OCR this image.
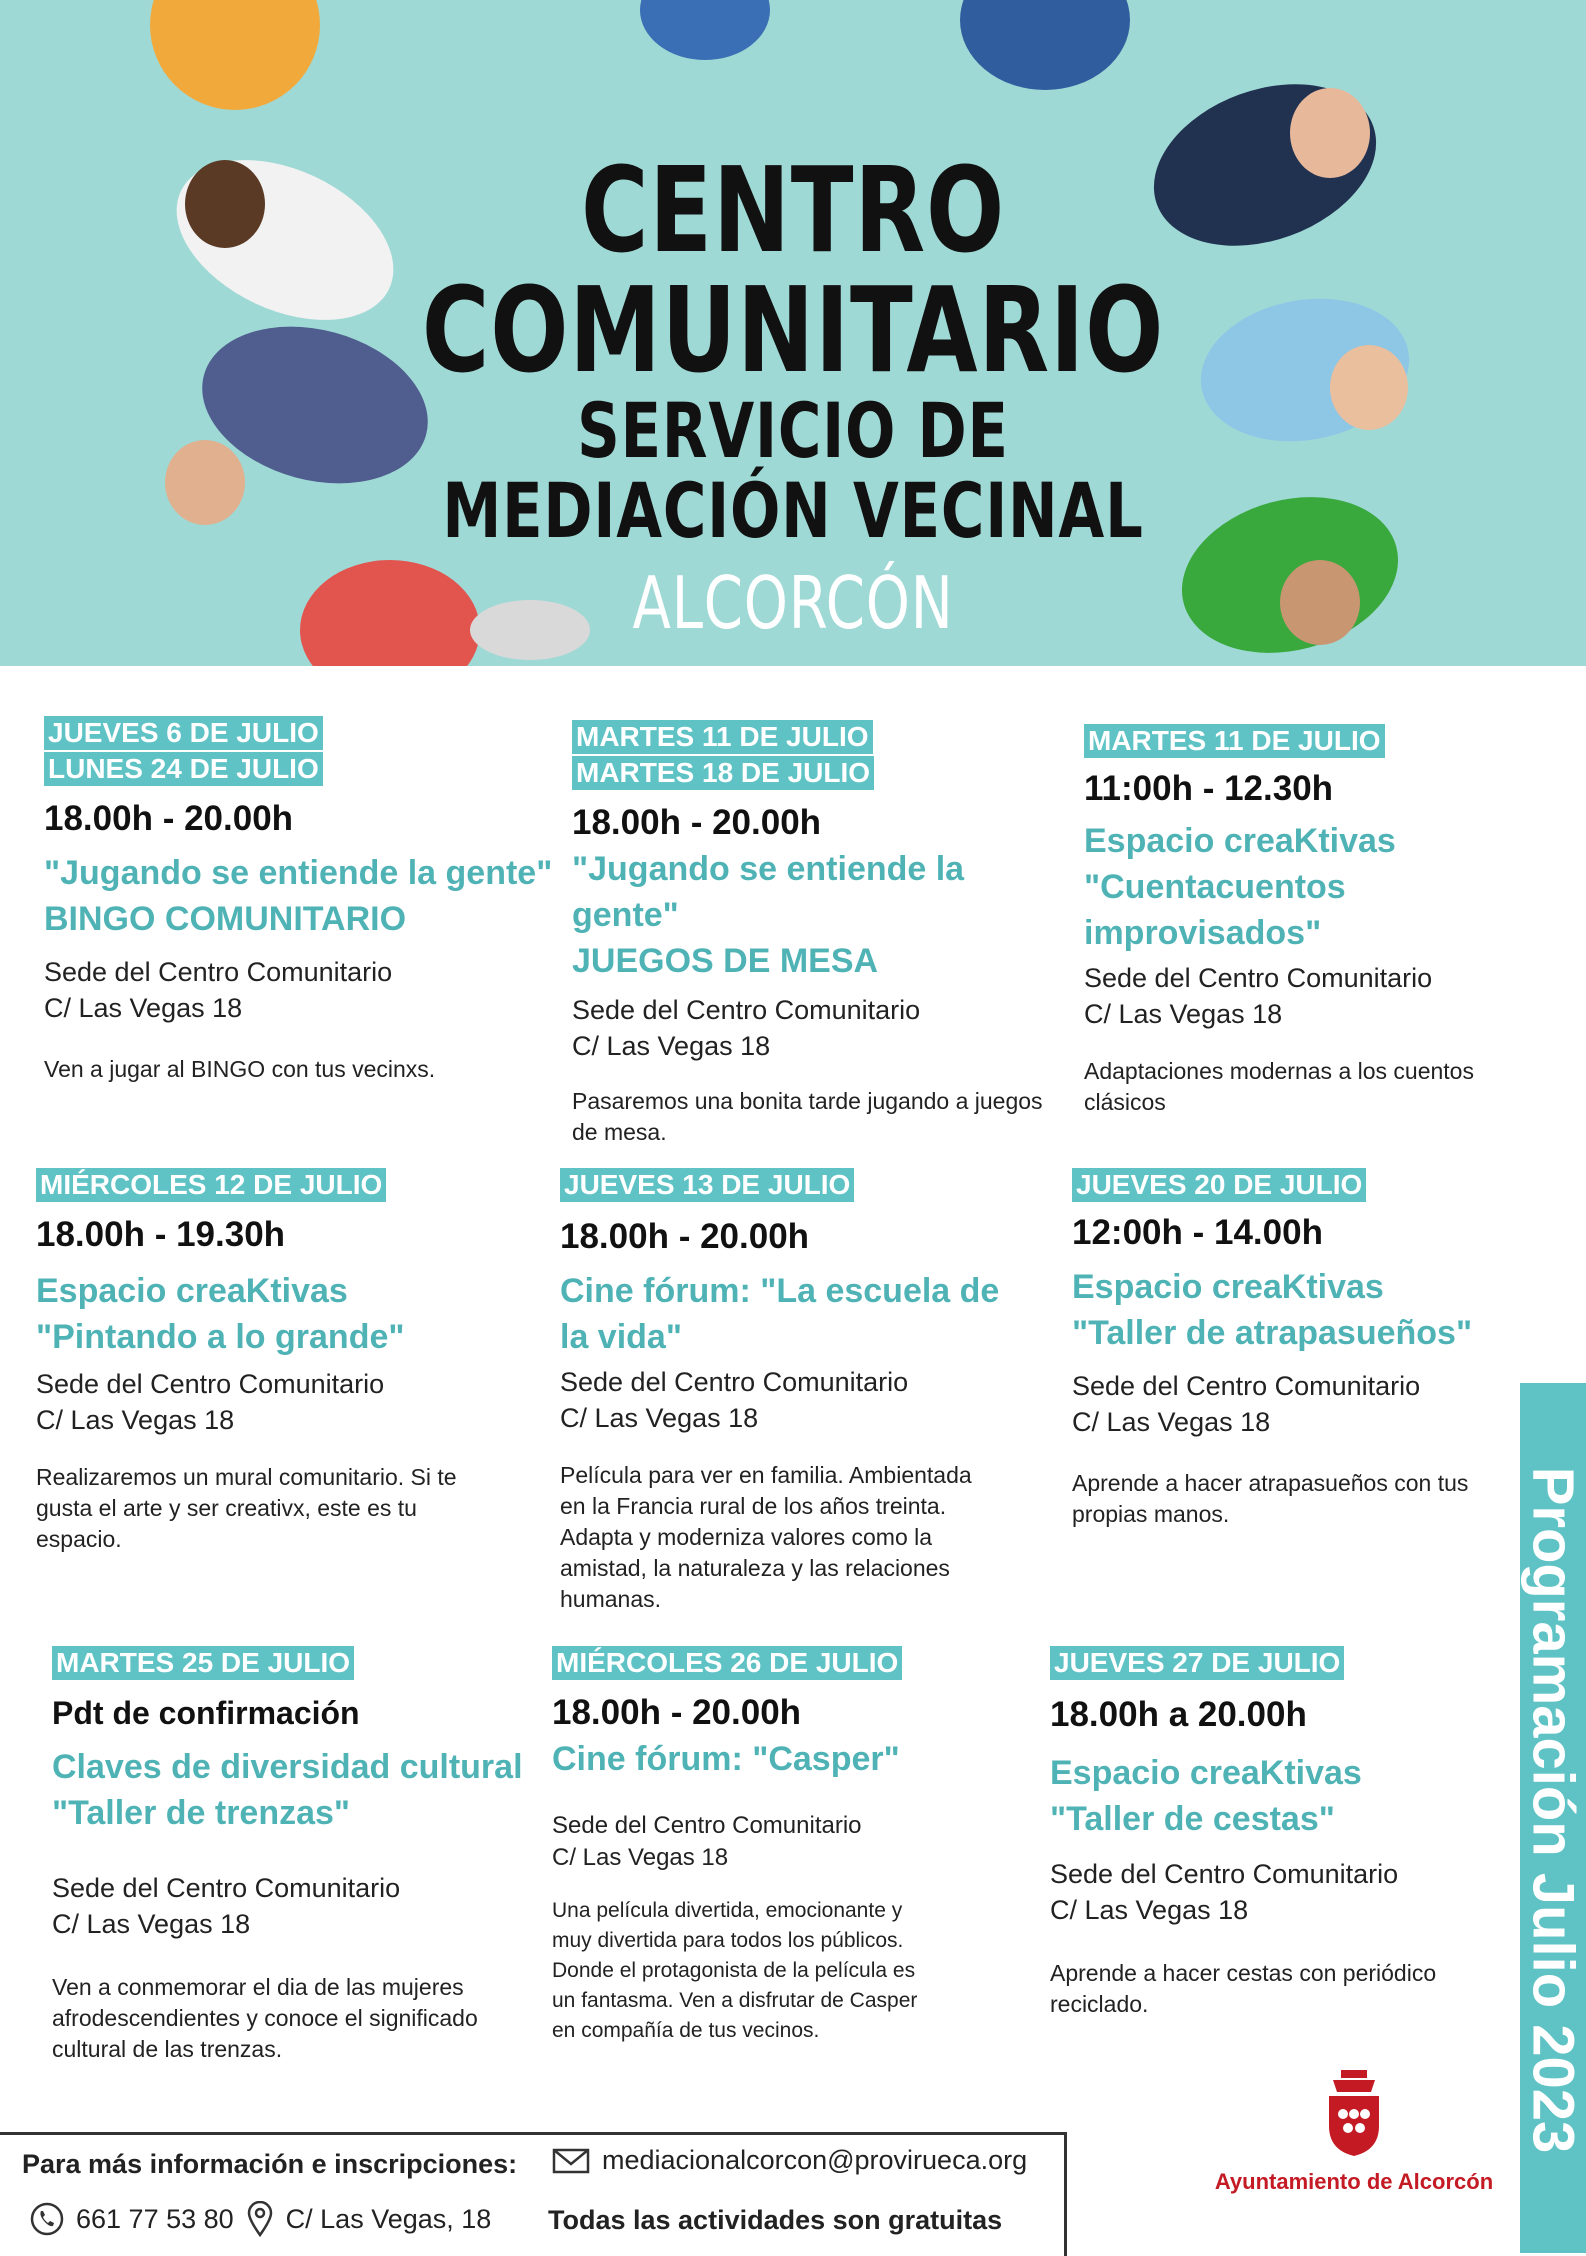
CENTRO
COMUNITARIO
SERVICIO DE
MEDIACIÓN VECINAL
ALCORCÓN
JUEVES 6 DE JULIO
LUNES 24 DE JULIO
18.00h - 20.00h
"Jugando se entiende la gente"
BINGO COMUNITARIO
Sede del Centro Comunitario
C/ Las Vegas 18
Ven a jugar al BINGO con tus vecinxs.
MARTES 11 DE JULIO
MARTES 18 DE JULIO
18.00h - 20.00h
"Jugando se entiende la gente"
JUEGOS DE MESA
Sede del Centro Comunitario
C/ Las Vegas 18
Pasaremos una bonita tarde jugando a juegos
de mesa.
MARTES 11 DE JULIO
11:00h - 12.30h
Espacio creaKtivas
"Cuentacuentos
improvisados"
Sede del Centro Comunitario
C/ Las Vegas 18
Adaptaciones modernas a los cuentos
clásicos
MIÉRCOLES 12 DE JULIO
18.00h - 19.30h
Espacio creaKtivas
"Pintando a lo grande"
Sede del Centro Comunitario
C/ Las Vegas 18
Realizaremos un mural comunitario. Si te
gusta el arte y ser creativx, este es tu
espacio.
JUEVES 13 DE JULIO
18.00h - 20.00h
Cine fórum: "La escuela de
la vida"
Sede del Centro Comunitario
C/ Las Vegas 18
Película para ver en familia. Ambientada
en la Francia rural de los años treinta.
Adapta y moderniza valores como la
amistad, la naturaleza y las relaciones
humanas.
JUEVES 20 DE JULIO
12:00h - 14.00h
Espacio creaKtivas
"Taller de atrapasueños"
Sede del Centro Comunitario
C/ Las Vegas 18
Aprende a hacer atrapasueños con tus
propias manos.
MARTES 25 DE JULIO
Pdt de confirmación
Claves de diversidad cultural
"Taller de trenzas"
Sede del Centro Comunitario
C/ Las Vegas 18
Ven a conmemorar el dia de las mujeres
afrodescendientes y conoce el significado
cultural de las trenzas.
MIÉRCOLES 26 DE JULIO
18.00h - 20.00h
Cine fórum: "Casper"
Sede del Centro Comunitario
C/ Las Vegas 18
Una película divertida, emocionante y
muy divertida para todos los públicos.
Donde el protagonista de la película es
un fantasma. Ven a disfrutar de Casper
en compañía de tus vecinos.
JUEVES 27 DE JULIO
18.00h a 20.00h
Espacio creaKtivas
"Taller de cestas"
Sede del Centro Comunitario
C/ Las Vegas 18
Aprende a hacer cestas con periódico
reciclado.	Programación Julio 2023
Ayuntamiento de Alcorcón
Para más información e inscripciones:	mediacionalcorcon@provirueca.org
661 77 53 80 C/ Las Vegas, 18 Todas las actividades son gratuitas
